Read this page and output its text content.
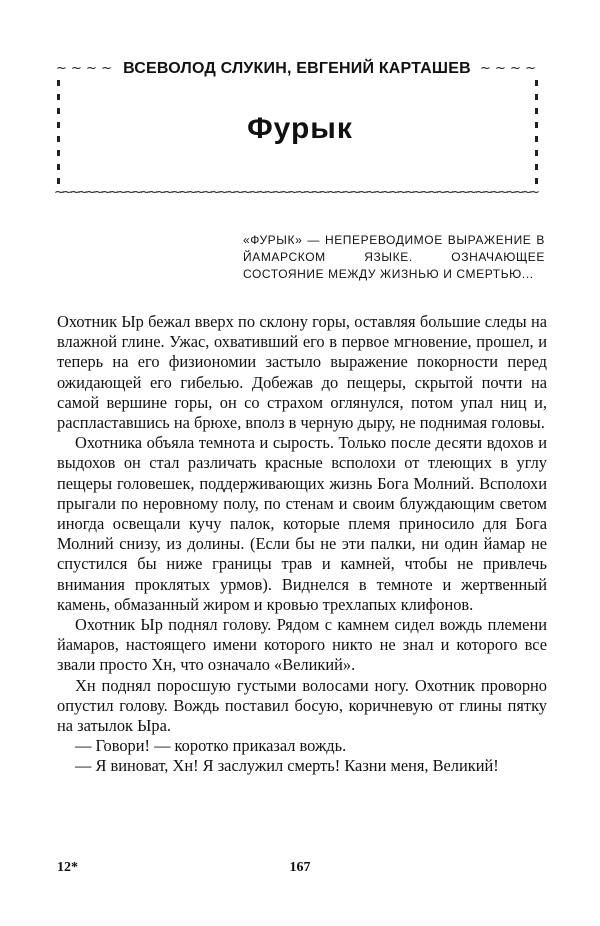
~ ~ ~ ~	~ ~ ~ ~
~~~~~~~~~~~~~~~~~~~~~~~~~~~~~~~~~~~~~~~~~~~~~~~~~~~~~~~~~~~~~~
ВСЕВОЛОД СЛУКИН, ЕВГЕНИЙ КАРТАШЕВ
Фурык
«ФУРЫК» — НЕПЕРЕВОДИМОЕ ВЫРАЖЕНИЕ В ЙАМАРСКОМ ЯЗЫКЕ. ОЗНАЧАЮЩЕЕ СОСТОЯНИЕ МЕЖДУ ЖИЗНЬЮ И СМЕРТЬЮ...

Охотник Ыр бежал вверх по склону горы, оставляя большие следы на влажной глине. Ужас, охвативший его в первое мгновение, прошел, и теперь на его физиономии застыло выражение покорности перед ожидающей его гибелью. Добежав до пещеры, скрытой почти на самой вершине горы, он со страхом оглянулся, потом упал ниц и, распластавшись на брюхе, вполз в черную дыру, не поднимая головы.

Охотника объяла темнота и сырость. Только после десяти вдохов и выдохов он стал различать красные всполохи от тлеющих в углу пещеры головешек, поддерживающих жизнь Бога Молний. Всполохи прыгали по неровному полу, по стенам и своим блуждающим светом иногда освещали кучу палок, которые племя приносило для Бога Молний снизу, из долины. (Если бы не эти палки, ни один йамар не спустился бы ниже границы трав и камней, чтобы не привлечь внимания проклятых урмов). Виднелся в темноте и жертвенный камень, обмазанный жиром и кровью трехлапых клифонов.

Охотник Ыр поднял голову. Рядом с камнем сидел вождь племени йамаров, настоящего имени которого никто не знал и которого все звали просто Хн, что означало «Великий».

Хн поднял поросшую густыми волосами ногу. Охотник проворно опустил голову. Вождь поставил босую, коричневую от глины пятку на затылок Ыра.

— Говори! — коротко приказал вождь.

— Я виноват, Хн! Я заслужил смерть! Казни меня, Великий!

12*	167
